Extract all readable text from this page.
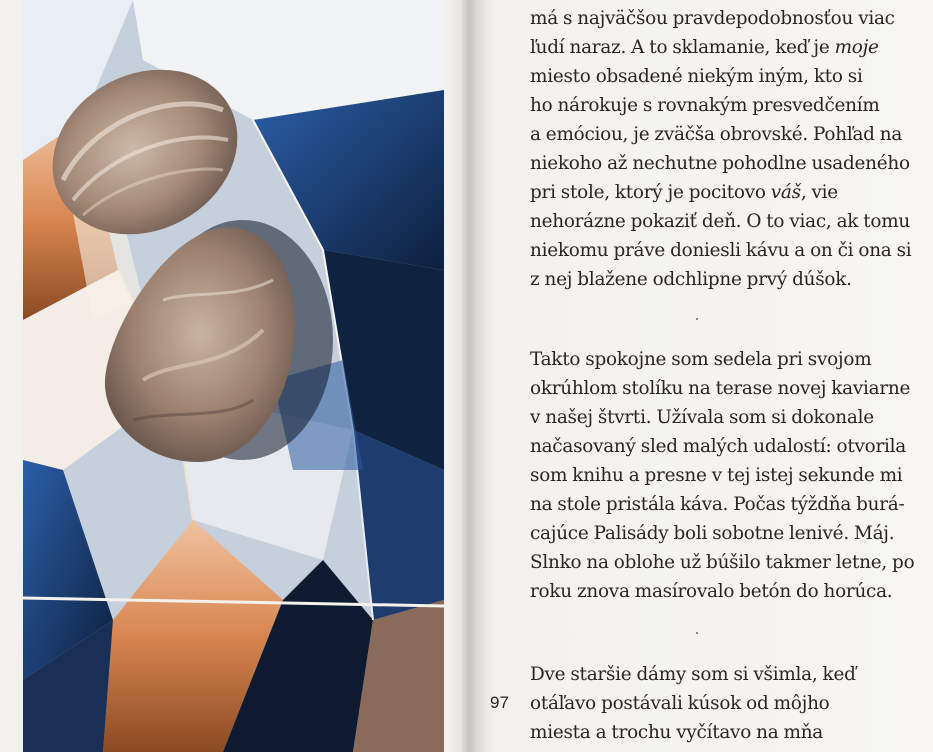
97
má s najväčšou pravdepodobnosťou viac
ľudí naraz. A to sklamanie, keď je moje
miesto obsadené niekým iným, kto si
ho nárokuje s rovnakým presvedčením
a emóciou, je zväčša obrovské. Pohľad na
niekoho až nechutne pohodlne usadeného
pri stole, ktorý je pocitovo váš, vie
nehorázne pokaziť deň. O to viac, ak tomu
niekomu práve doniesli kávu a on či ona si
z nej blažene odchlipne prvý dúšok.
Takto spokojne som sedela pri svojom
okrúhlom stolíku na terase novej kaviarne
v našej štvrti. Užívala som si dokonale
načasovaný sled malých udalostí: otvorila
som knihu a presne v tej istej sekunde mi
na stole pristála káva. Počas týždňa burá-
cajúce Palisády boli sobotne lenivé. Máj.
Slnko na oblohe už búšilo takmer letne, po
roku znova masírovalo betón do horúca.
Dve staršie dámy som si všimla, keď
otáľavo postávali kúsok od môjho
miesta a trochu vyčítavo na mňa
